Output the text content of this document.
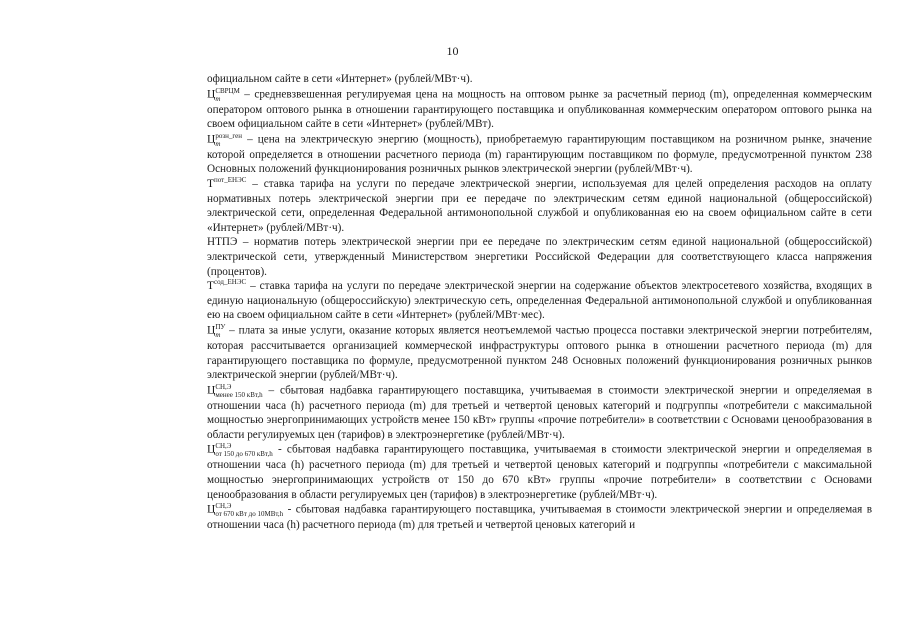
10

официальном сайте в сети «Интернет» (рублей/МВт·ч).

Ц СВРЦМ
m	– средневзвешенная регулируемая цена на мощность на оптовом рынке за расчетный период (m), определенная коммерческим оператором оптового рынка в отношении гарантирующего поставщика и опубликованная коммерческим оператором оптового рынка на своем официальном сайте в сети «Интернет» (рублей/МВт).

Ц розн_ген
m	– цена на электрическую энергию (мощность), приобретаемую гарантирующим поставщиком на розничном рынке, значение которой определяется в отношении расчетного периода (m) гарантирующим поставщиком по формуле, предусмотренной пунктом 238 Основных положений функционирования розничных рынков электрической энергии (рублей/МВт·ч).

$Т^{пот\_ЕНЭС}$ – ставка тарифа на услуги по передаче электрической энергии, используемая для целей определения расходов на оплату нормативных потерь электрической энергии при ее передаче по электрическим сетям единой национальной (общероссийской) электрической сети, определенная Федеральной антимонопольной службой и опубликованная ею на своем официальном сайте в сети «Интернет» (рублей/МВт·ч).

НТПЭ – норматив потерь электрической энергии при ее передаче по электрическим сетям единой национальной (общероссийской) электрической сети, утвержденный Министерством энергетики Российской Федерации для соответствующего класса напряжения (процентов).

$Т^{сод\_ЕНЭС}$ – ставка тарифа на услуги по передаче электрической энергии на содержание объектов электросетевого хозяйства, входящих в единую национальную (общероссийскую) электрическую сеть, определенная Федеральной антимонопольной службой и опубликованная ею на своем официальном сайте в сети «Интернет» (рублей/МВт·мес).

Ц ПУ
m – плата за иные услуги, оказание которых является неотъемлемой частью процесса поставки электрической энергии потребителям, которая рассчитывается организацией коммерческой инфраструктуры оптового рынка в отношении расчетного периода (m) для гарантирующего поставщика по формуле, предусмотренной пунктом 248 Основных положений функционирования розничных рынков электрической энергии (рублей/МВт·ч).

Ц СН,Э
менее 150 кВт,h – сбытовая надбавка гарантирующего поставщика, учитываемая в стоимости электрической энергии и определяемая в отношении часа (h) расчетного периода (m) для третьей и четвертой ценовых категорий и подгруппы «потребители с максимальной мощностью энергопринимающих устройств менее 150 кВт» группы «прочие потребители» в соответствии с Основами ценообразования в области регулируемых цен (тарифов) в электроэнергетике (рублей/МВт·ч).

Ц СН,Э
от 150 до 670 кВт,h - сбытовая надбавка гарантирующего поставщика, учитываемая в стоимости электрической энергии и определяемая в отношении часа (h) расчетного периода (m) для третьей и четвертой ценовых категорий и подгруппы «потребители с максимальной мощностью энергопринимающих устройств от 150 до 670 кВт» группы «прочие потребители» в соответствии с Основами ценообразования в области регулируемых цен (тарифов) в электроэнергетике (рублей/МВт·ч).

Ц СН,Э
от 670 кВт до 10МВт,h - сбытовая надбавка гарантирующего поставщика, учитываемая в стоимости электрической энергии и определяемая в отношении часа (h) расчетного периода (m) для третьей и четвертой ценовых категорий и
